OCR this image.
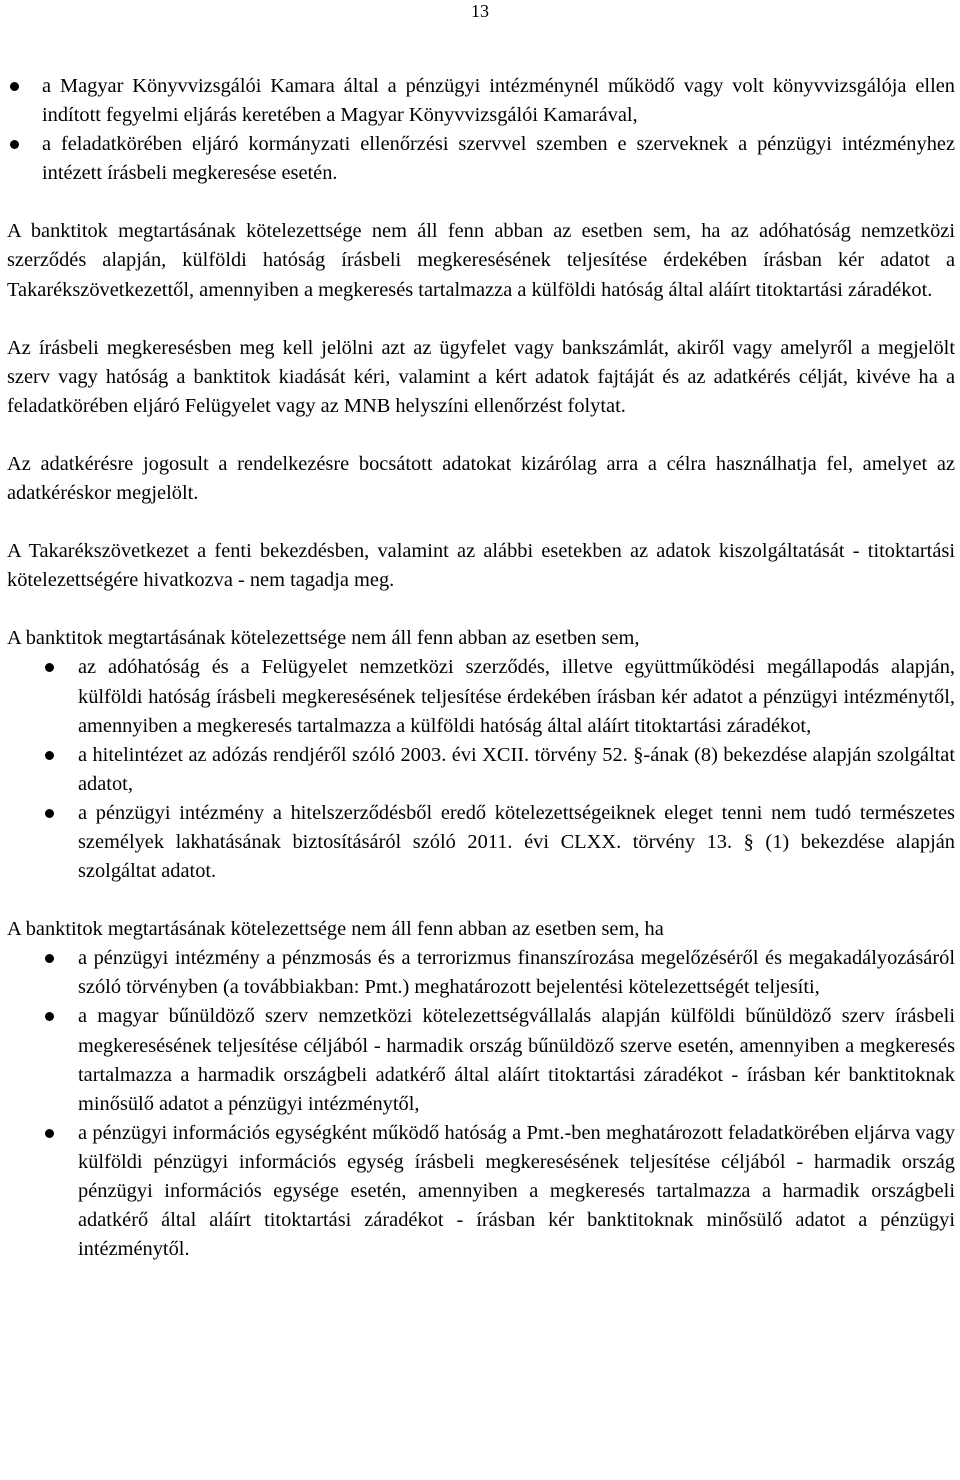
13
a Magyar Könyvvizsgálói Kamara által a pénzügyi intézménynél működő vagy volt könyvvizsgálója ellen indított fegyelmi eljárás keretében a Magyar Könyvvizsgálói Kamarával,
a feladatkörében eljáró kormányzati ellenőrzési szervvel szemben e szerveknek a pénzügyi intézményhez intézett írásbeli megkeresése esetén.

A banktitok megtartásának kötelezettsége nem áll fenn abban az esetben sem, ha az adóhatóság nemzetközi szerződés alapján, külföldi hatóság írásbeli megkeresésének teljesítése érdekében írásban kér adatot a Takarékszövetkezettől, amennyiben a megkeresés tartalmazza a külföldi hatóság által aláírt titoktartási záradékot.

Az írásbeli megkeresésben meg kell jelölni azt az ügyfelet vagy bankszámlát, akiről vagy amelyről a megjelölt szerv vagy hatóság a banktitok kiadását kéri, valamint a kért adatok fajtáját és az adatkérés célját, kivéve ha a feladatkörében eljáró Felügyelet vagy az MNB helyszíni ellenőrzést folytat.

Az adatkérésre jogosult a rendelkezésre bocsátott adatokat kizárólag arra a célra használhatja fel, amelyet az adatkéréskor megjelölt.

A Takarékszövetkezet a fenti bekezdésben, valamint az alábbi esetekben az adatok kiszolgáltatását - titoktartási kötelezettségére hivatkozva - nem tagadja meg.

A banktitok megtartásának kötelezettsége nem áll fenn abban az esetben sem,

az adóhatóság és a Felügyelet nemzetközi szerződés, illetve együttműködési megállapodás alapján, külföldi hatóság írásbeli megkeresésének teljesítése érdekében írásban kér adatot a pénzügyi intézménytől, amennyiben a megkeresés tartalmazza a külföldi hatóság által aláírt titoktartási záradékot,
a hitelintézet az adózás rendjéről szóló 2003. évi XCII. törvény 52. §-ának (8) bekezdése alapján szolgáltat adatot,
a pénzügyi intézmény a hitelszerződésből eredő kötelezettségeiknek eleget tenni nem tudó természetes személyek lakhatásának biztosításáról szóló 2011. évi CLXX. törvény 13. § (1) bekezdése alapján szolgáltat adatot.

A banktitok megtartásának kötelezettsége nem áll fenn abban az esetben sem, ha

a pénzügyi intézmény a pénzmosás és a terrorizmus finanszírozása megelőzéséről és megakadályozásáról szóló törvényben (a továbbiakban: Pmt.) meghatározott bejelentési kötelezettségét teljesíti,
a magyar bűnüldöző szerv nemzetközi kötelezettségvállalás alapján külföldi bűnüldöző szerv írásbeli megkeresésének teljesítése céljából - harmadik ország bűnüldöző szerve esetén, amennyiben a megkeresés tartalmazza a harmadik országbeli adatkérő által aláírt titoktartási záradékot - írásban kér banktitoknak minősülő adatot a pénzügyi intézménytől,
a pénzügyi információs egységként működő hatóság a Pmt.-ben meghatározott feladatkörében eljárva vagy külföldi pénzügyi információs egység írásbeli megkeresésének teljesítése céljából - harmadik ország pénzügyi információs egysége esetén, amennyiben a megkeresés tartalmazza a harmadik országbeli adatkérő által aláírt titoktartási záradékot - írásban kér banktitoknak minősülő adatot a pénzügyi intézménytől.
